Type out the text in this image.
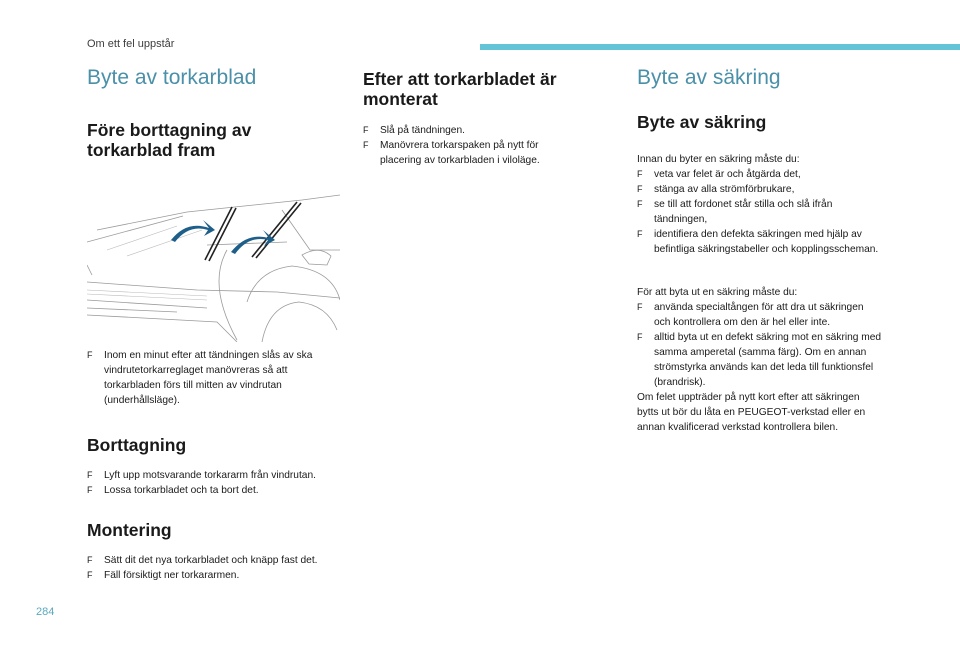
Om ett fel uppstår
Byte av torkarblad
Före borttagning av torkarblad fram
F	Inom en minut efter att tändningen slås av ska vindrutetorkarreglaget manövreras så att torkarbladen förs till mitten av vindrutan (underhållsläge).
Borttagning
F	Lyft upp motsvarande torkararm från vindrutan.
F	Lossa torkarbladet och ta bort det.
Montering
F	Sätt dit det nya torkarbladet och knäpp fast det.
F	Fäll försiktigt ner torkararmen.
Efter att torkarbladet är monterat
F	Slå på tändningen.
F	Manövrera torkarspaken på nytt för placering av torkarbladen i viloläge.
Byte av säkring
Byte av säkring
Innan du byter en säkring måste du:
F	veta var felet är och åtgärda det,
F	stänga av alla strömförbrukare,
F	se till att fordonet står stilla och slå ifrån tändningen,
F	identifiera den defekta säkringen med hjälp av befintliga säkringstabeller och kopplingsscheman.
För att byta ut en säkring måste du:
F	använda specialtången för att dra ut säkringen och kontrollera om den är hel eller inte.
F	alltid byta ut en defekt säkring mot en säkring med samma amperetal (samma färg). Om en annan strömstyrka används kan det leda till funktionsfel (brandrisk).
Om felet uppträder på nytt kort efter att säkringen bytts ut bör du låta en PEUGEOT-verkstad eller en annan kvalificerad verkstad kontrollera bilen.
284
